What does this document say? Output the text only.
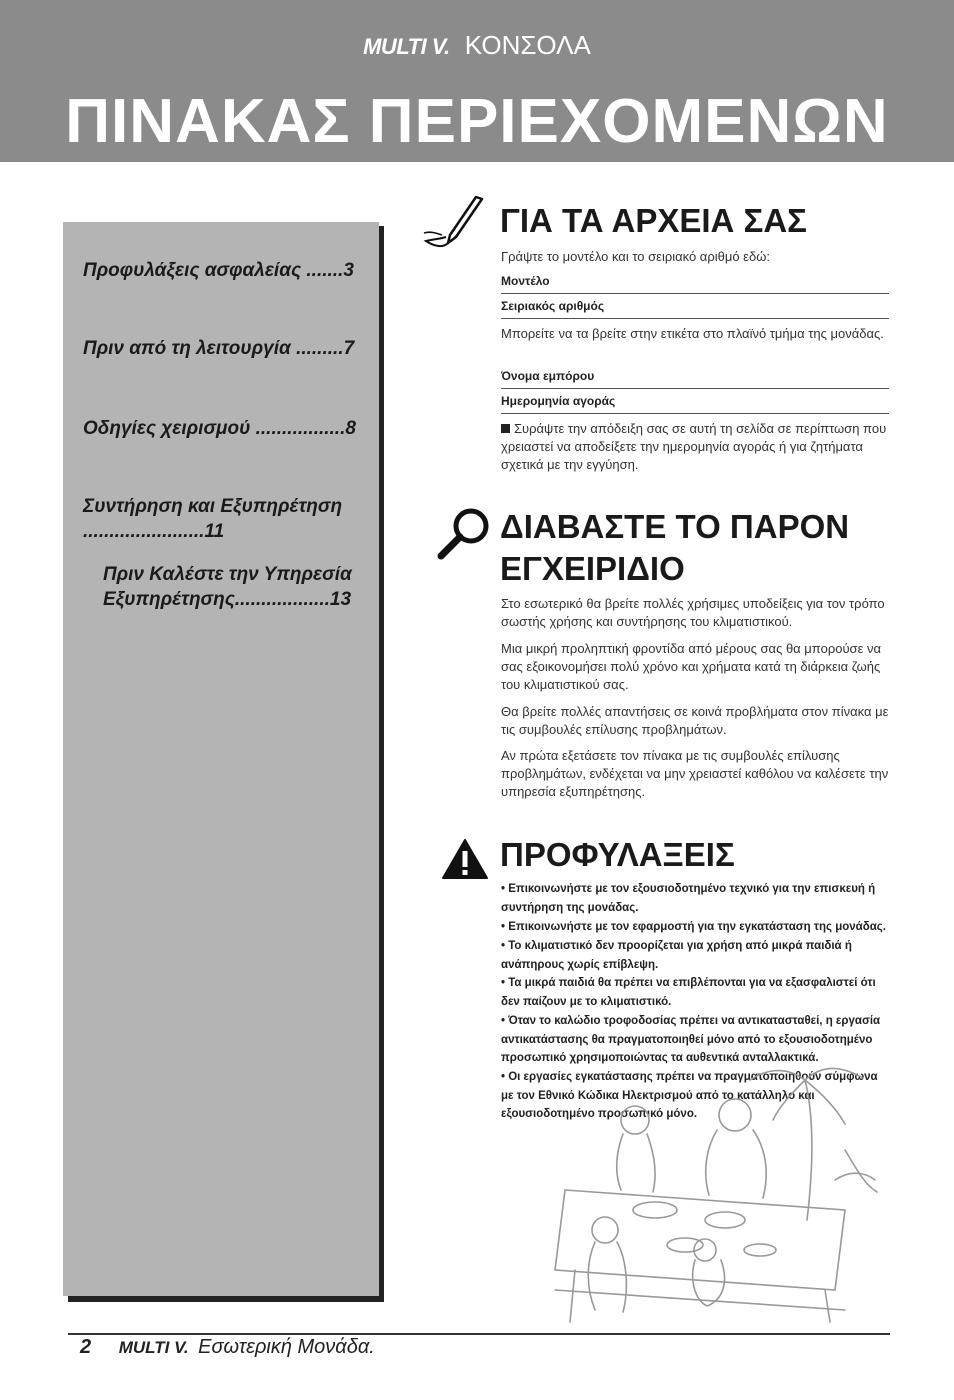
MULTI V. ΚΟΝΣΟΛΑ
ΠΙΝΑΚΑΣ ΠΕΡΙΕΧΟΜΕΝΩΝ
Προφυλάξεις ασφαλείας .......3
Πριν από τη λειτουργία .........7
Οδηγίες χειρισμού .................8
Συντήρηση και Εξυπηρέτηση .......................11
Πριν Καλέστε την Υπηρεσία Εξυπηρέτησης..................13
ΓΙΑ ΤΑ ΑΡΧΕΙΑ ΣΑΣ
Γράψτε το μοντέλο και το σειριακό αριθμό εδώ:
Μοντέλο
Σειριακός αριθμός
Μπορείτε να τα βρείτε στην ετικέτα στο πλαϊνό τμήμα της μονάδας.
Όνομα εμπόρου
Ημερομηνία αγοράς
Συράψτε την απόδειξη σας σε αυτή τη σελίδα σε περίπτωση που χρειαστεί να αποδείξετε την ημερομηνία αγοράς ή για ζητήματα σχετικά με την εγγύηση.
ΔΙΑΒΑΣΤΕ ΤΟ ΠΑΡΟΝ ΕΓΧΕΙΡΙΔΙΟ
Στο εσωτερικό θα βρείτε πολλές χρήσιμες υποδείξεις για τον τρόπο σωστής χρήσης και συντήρησης του κλιματιστικού.
Μια μικρή προληπτική φροντίδα από μέρους σας θα μπορούσε να σας εξοικονομήσει πολύ χρόνο και χρήματα κατά τη διάρκεια ζωής του κλιματιστικού σας.
Θα βρείτε πολλές απαντήσεις σε κοινά προβλήματα στον πίνακα με τις συμβουλές επίλυσης προβλημάτων.
Αν πρώτα εξετάσετε τον πίνακα με τις συμβουλές επίλυσης προβλημάτων, ενδέχεται να μην χρειαστεί καθόλου να καλέσετε την υπηρεσία εξυπηρέτησης.
ΠΡΟΦΥΛΑΞΕΙΣ
• Επικοινωνήστε με τον εξουσιοδοτημένο τεχνικό για την επισκευή ή συντήρηση της μονάδας.
• Επικοινωνήστε με τον εφαρμοστή για την εγκατάσταση της μονάδας.
• Το κλιματιστικό δεν προορίζεται για χρήση από μικρά παιδιά ή ανάπηρους χωρίς επίβλεψη.
• Τα μικρά παιδιά θα πρέπει να επιβλέπονται για να εξασφαλιστεί ότι δεν παίζουν με το κλιματιστικό.
• Όταν το καλώδιο τροφοδοσίας πρέπει να αντικατασταθεί, η εργασία αντικατάστασης θα πραγματοποιηθεί μόνο από το εξουσιοδοτημένο προσωπικό χρησιμοποιώντας τα αυθεντικά ανταλλακτικά.
• Οι εργασίες εγκατάστασης πρέπει να πραγματοποιηθούν σύμφωνα με τον Εθνικό Κώδικα Ηλεκτρισμού από το κατάλληλο και εξουσιοδοτημένο προσωπικό μόνο.
2 MULTI V. Εσωτερική Μονάδα.
